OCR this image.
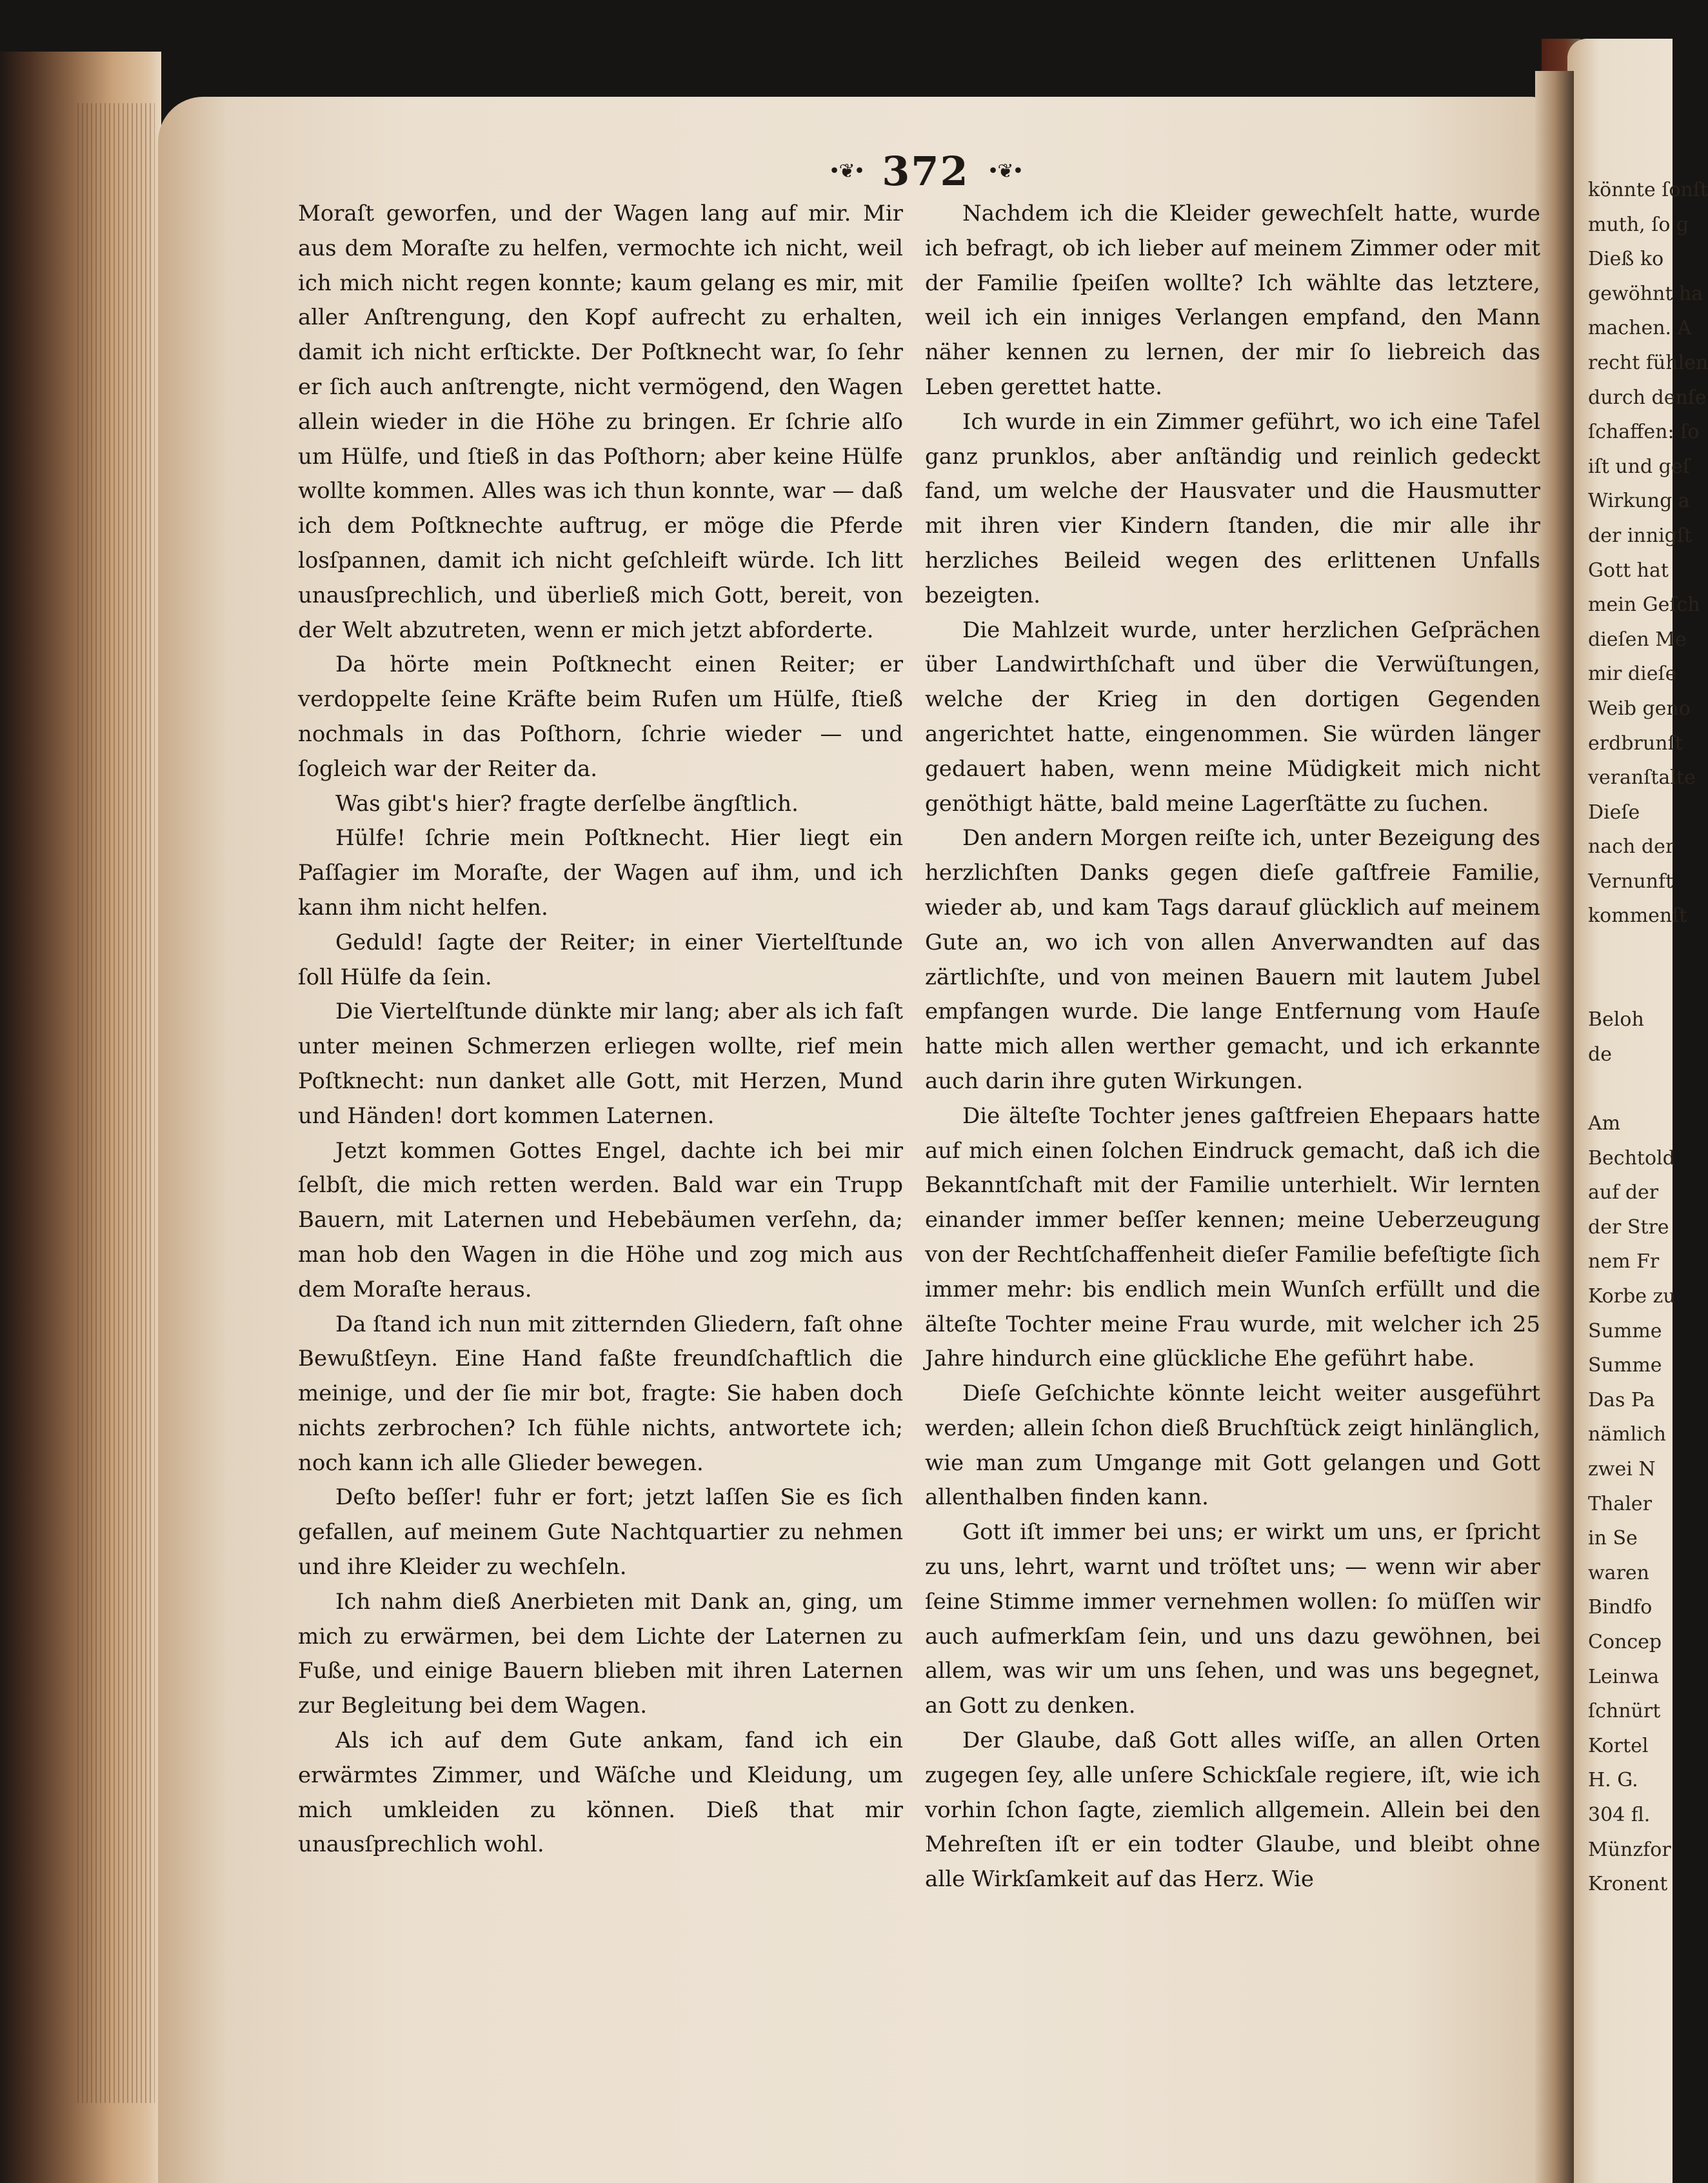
•❦• 372 •❦•

Moraſt geworfen, und der Wagen lang auf mir. Mir aus dem Moraſte zu helfen, vermochte ich nicht, weil ich mich nicht regen konnte; kaum gelang es mir, mit aller Anſtrengung, den Kopf aufrecht zu erhalten, damit ich nicht erſtickte. Der Poſtknecht war, ſo ſehr er ſich auch anſtrengte, nicht vermögend, den Wagen allein wieder in die Höhe zu bringen. Er ſchrie alſo um Hülfe, und ſtieß in das Poſthorn; aber keine Hülfe wollte kommen. Alles was ich thun konnte, war — daß ich dem Poſtknechte auftrug, er möge die Pferde losſpannen, damit ich nicht geſchleift würde. Ich litt unausſprechlich, und überließ mich Gott, bereit, von der Welt abzutreten, wenn er mich jetzt abforderte.

Da hörte mein Poſtknecht einen Reiter; er verdoppelte ſeine Kräfte beim Rufen um Hülfe, ſtieß nochmals in das Poſthorn, ſchrie wieder — und ſogleich war der Reiter da.

Was gibt's hier? fragte derſelbe ängſtlich.

Hülfe! ſchrie mein Poſtknecht. Hier liegt ein Paſſagier im Moraſte, der Wagen auf ihm, und ich kann ihm nicht helfen.

Geduld! ſagte der Reiter; in einer Viertelſtunde ſoll Hülfe da ſein.

Die Viertelſtunde dünkte mir lang; aber als ich faſt unter meinen Schmerzen erliegen wollte, rief mein Poſtknecht: nun danket alle Gott, mit Herzen, Mund und Händen! dort kommen Laternen.

Jetzt kommen Gottes Engel, dachte ich bei mir ſelbſt, die mich retten werden. Bald war ein Trupp Bauern, mit Laternen und Hebebäumen verſehn, da; man hob den Wagen in die Höhe und zog mich aus dem Moraſte heraus.

Da ſtand ich nun mit zitternden Gliedern, faſt ohne Bewußtſeyn. Eine Hand faßte freundſchaftlich die meinige, und der ſie mir bot, fragte: Sie haben doch nichts zerbrochen? Ich fühle nichts, antwortete ich; noch kann ich alle Glieder bewegen.

Deſto beſſer! fuhr er fort; jetzt laſſen Sie es ſich gefallen, auf meinem Gute Nachtquartier zu nehmen und ihre Kleider zu wechſeln.

Ich nahm dieß Anerbieten mit Dank an, ging, um mich zu erwärmen, bei dem Lichte der Laternen zu Fuße, und einige Bauern blieben mit ihren Laternen zur Begleitung bei dem Wagen.

Als ich auf dem Gute ankam, fand ich ein erwärmtes Zimmer, und Wäſche und Kleidung, um mich umkleiden zu können. Dieß that mir unausſprechlich wohl.

Nachdem ich die Kleider gewechſelt hatte, wurde ich befragt, ob ich lieber auf meinem Zimmer oder mit der Familie ſpeiſen wollte? Ich wählte das letztere, weil ich ein inniges Verlangen empfand, den Mann näher kennen zu lernen, der mir ſo liebreich das Leben gerettet hatte.

Ich wurde in ein Zimmer geführt, wo ich eine Tafel ganz prunklos, aber anſtändig und reinlich gedeckt fand, um welche der Hausvater und die Hausmutter mit ihren vier Kindern ſtanden, die mir alle ihr herzliches Beileid wegen des erlittenen Unfalls bezeigten.

Die Mahlzeit wurde, unter herzlichen Geſprächen über Landwirthſchaft und über die Verwüſtungen, welche der Krieg in den dortigen Gegenden angerichtet hatte, eingenommen. Sie würden länger gedauert haben, wenn meine Müdigkeit mich nicht genöthigt hätte, bald meine Lagerſtätte zu ſuchen.

Den andern Morgen reiſte ich, unter Bezeigung des herzlichſten Danks gegen dieſe gaſtfreie Familie, wieder ab, und kam Tags darauf glücklich auf meinem Gute an, wo ich von allen Anverwandten auf das zärtlichſte, und von meinen Bauern mit lautem Jubel empfangen wurde. Die lange Entfernung vom Hauſe hatte mich allen werther gemacht, und ich erkannte auch darin ihre guten Wirkungen.

Die älteſte Tochter jenes gaſtfreien Ehepaars hatte auf mich einen ſolchen Eindruck gemacht, daß ich die Bekanntſchaft mit der Familie unterhielt. Wir lernten einander immer beſſer kennen; meine Ueberzeugung von der Rechtſchaffenheit dieſer Familie befeſtigte ſich immer mehr: bis endlich mein Wunſch erfüllt und die älteſte Tochter meine Frau wurde, mit welcher ich 25 Jahre hindurch eine glückliche Ehe geführt habe.

Dieſe Geſchichte könnte leicht weiter ausgeführt werden; allein ſchon dieß Bruchſtück zeigt hinlänglich, wie man zum Umgange mit Gott gelangen und Gott allenthalben finden kann.

Gott iſt immer bei uns; er wirkt um uns, er ſpricht zu uns, lehrt, warnt und tröſtet uns; — wenn wir aber ſeine Stimme immer vernehmen wollen: ſo müſſen wir auch aufmerkſam ſein, und uns dazu gewöhnen, bei allem, was wir um uns ſehen, und was uns begegnet, an Gott zu denken.

Der Glaube, daß Gott alles wiſſe, an allen Orten zugegen ſey, alle unſere Schickſale regiere, iſt, wie ich vorhin ſchon ſagte, ziemlich allgemein. Allein bei den Mehreſten iſt er ein todter Glaube, und bleibt ohne alle Wirkſamkeit auf das Herz. Wie

könnte ſonſt
muth, ſo g
Dieß ko
gewöhnt ha
machen. A
recht fühlen
durch denſe
ſchaffen: ſo
iſt und geſ
Wirkung a
der innigſt
Gott hat
mein Geſch
dieſen Me
mir dieſe
Weib geno
erdbrunſt
veranſtalte
Dieſe
nach der
Vernunft
kommenſt
Beloh
de
Am
Bechtold
auf der
der Stre
nem Fr
Korbe zu
Summe
Summe
Das Pa
nämlich
zwei N
Thaler
in Se
waren
Bindfo
Concep
Leinwa
ſchnürt
Kortel
H. G.
304 fl.
Münzfor
Kronent
